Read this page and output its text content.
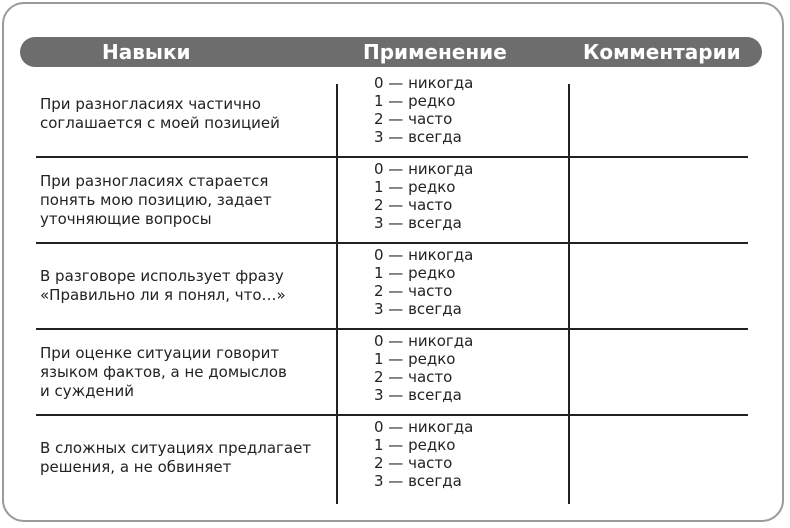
Навыки	Применение	Комментарии
При разногласиях частично
соглашается с моей позицией
0 — никогда
1 — редко
2 — часто
3 — всегда
При разногласиях старается
понять мою позицию, задает
уточняющие вопросы
0 — никогда
1 — редко
2 — часто
3 — всегда
В разговоре использует фразу
«Правильно ли я понял, что…»
0 — никогда
1 — редко
2 — часто
3 — всегда
При оценке ситуации говорит
языком фактов, а не домыслов
и суждений
0 — никогда
1 — редко
2 — часто
3 — всегда
В сложных ситуациях предлагает
решения, а не обвиняет
0 — никогда
1 — редко
2 — часто
3 — всегда
